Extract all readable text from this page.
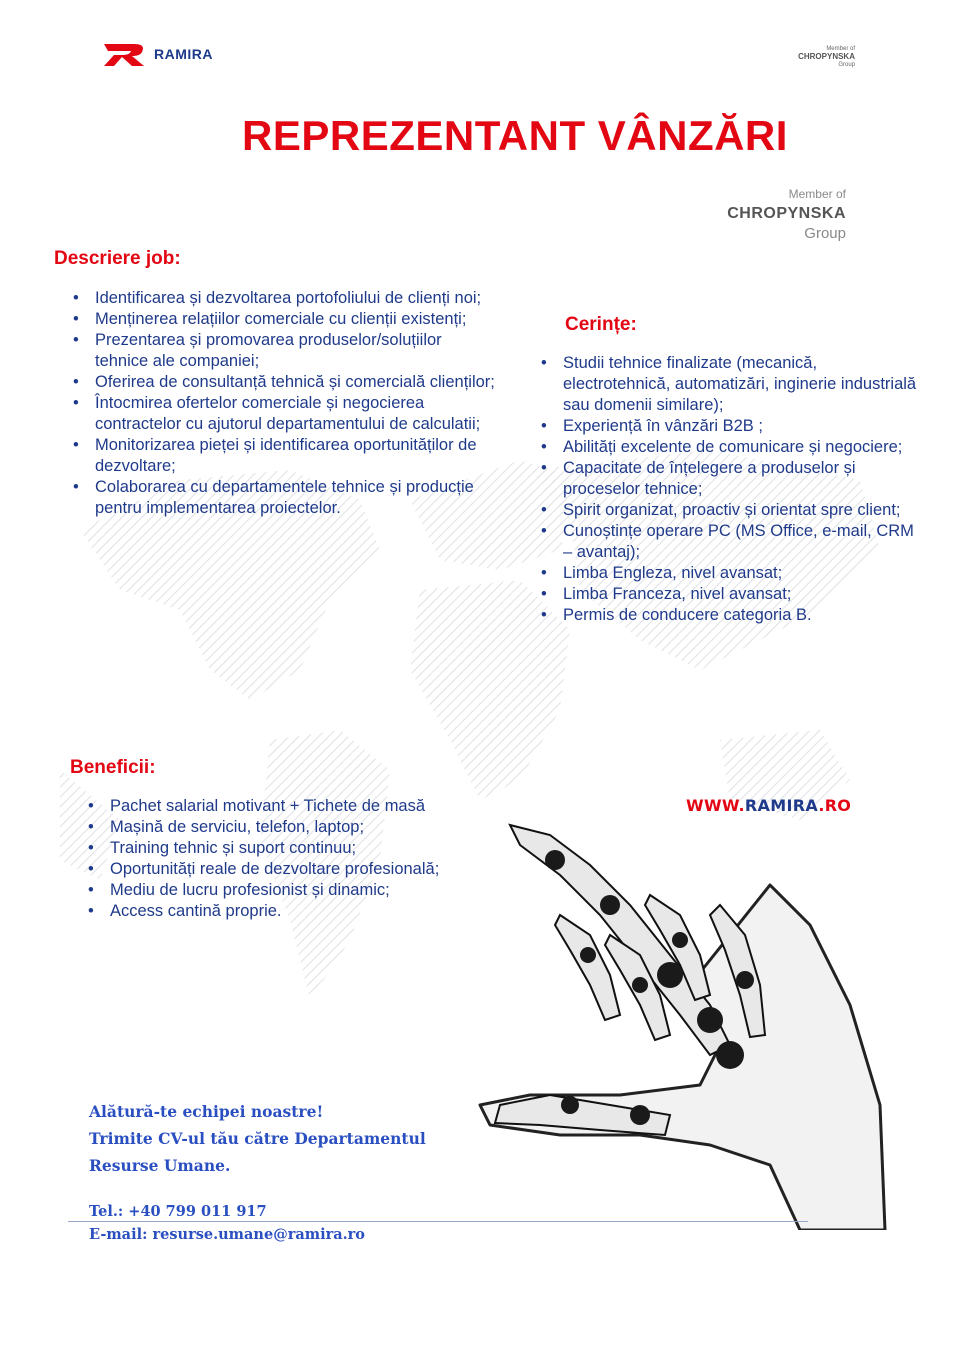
RAMIRA	Member of
CHROPYNSKA
Group
REPREZENTANT VÂNZĂRI
Member of
CHROPYNSKA
Group
Descriere job:
• Identificarea și dezvoltarea portofoliului de clienți noi;
• Menținerea relațiilor comerciale cu clienții existenți;
• Prezentarea și promovarea produselor/soluțiilor tehnice ale companiei;
• Oferirea de consultanță tehnică și comercială clienților;
• Întocmirea ofertelor comerciale și negocierea contractelor cu ajutorul departamentului de calculatii;
• Monitorizarea pieței și identificarea oportunităților de dezvoltare;
• Colaborarea cu departamentele tehnice și producție pentru implementarea proiectelor.
Cerințe:
• Studii tehnice finalizate (mecanică, electrotehnică, automatizări, inginerie industrială sau domenii similare);
• Experiență în vânzări B2B ;
• Abilități excelente de comunicare și negociere;
• Capacitate de înțelegere a produselor și proceselor tehnice;
• Spirit organizat, proactiv și orientat spre client;
• Cunoștințe operare PC (MS Office, e-mail, CRM – avantaj);
• Limba Engleza, nivel avansat;
• Limba Franceza, nivel avansat;
• Permis de conducere categoria B.
Beneficii:
• Pachet salarial motivant + Tichete de masă
• Mașină de serviciu, telefon, laptop;
• Training tehnic și suport continuu;
• Oportunități reale de dezvoltare profesională;
• Mediu de lucru profesionist și dinamic;
• Access cantină proprie.
WWW.RAMIRA.RO
Alătură-te echipei noastre!
Trimite CV-ul tău către Departamentul
Resurse Umane.
Tel.: +40 799 011 917
E-mail: resurse.umane@ramira.ro
